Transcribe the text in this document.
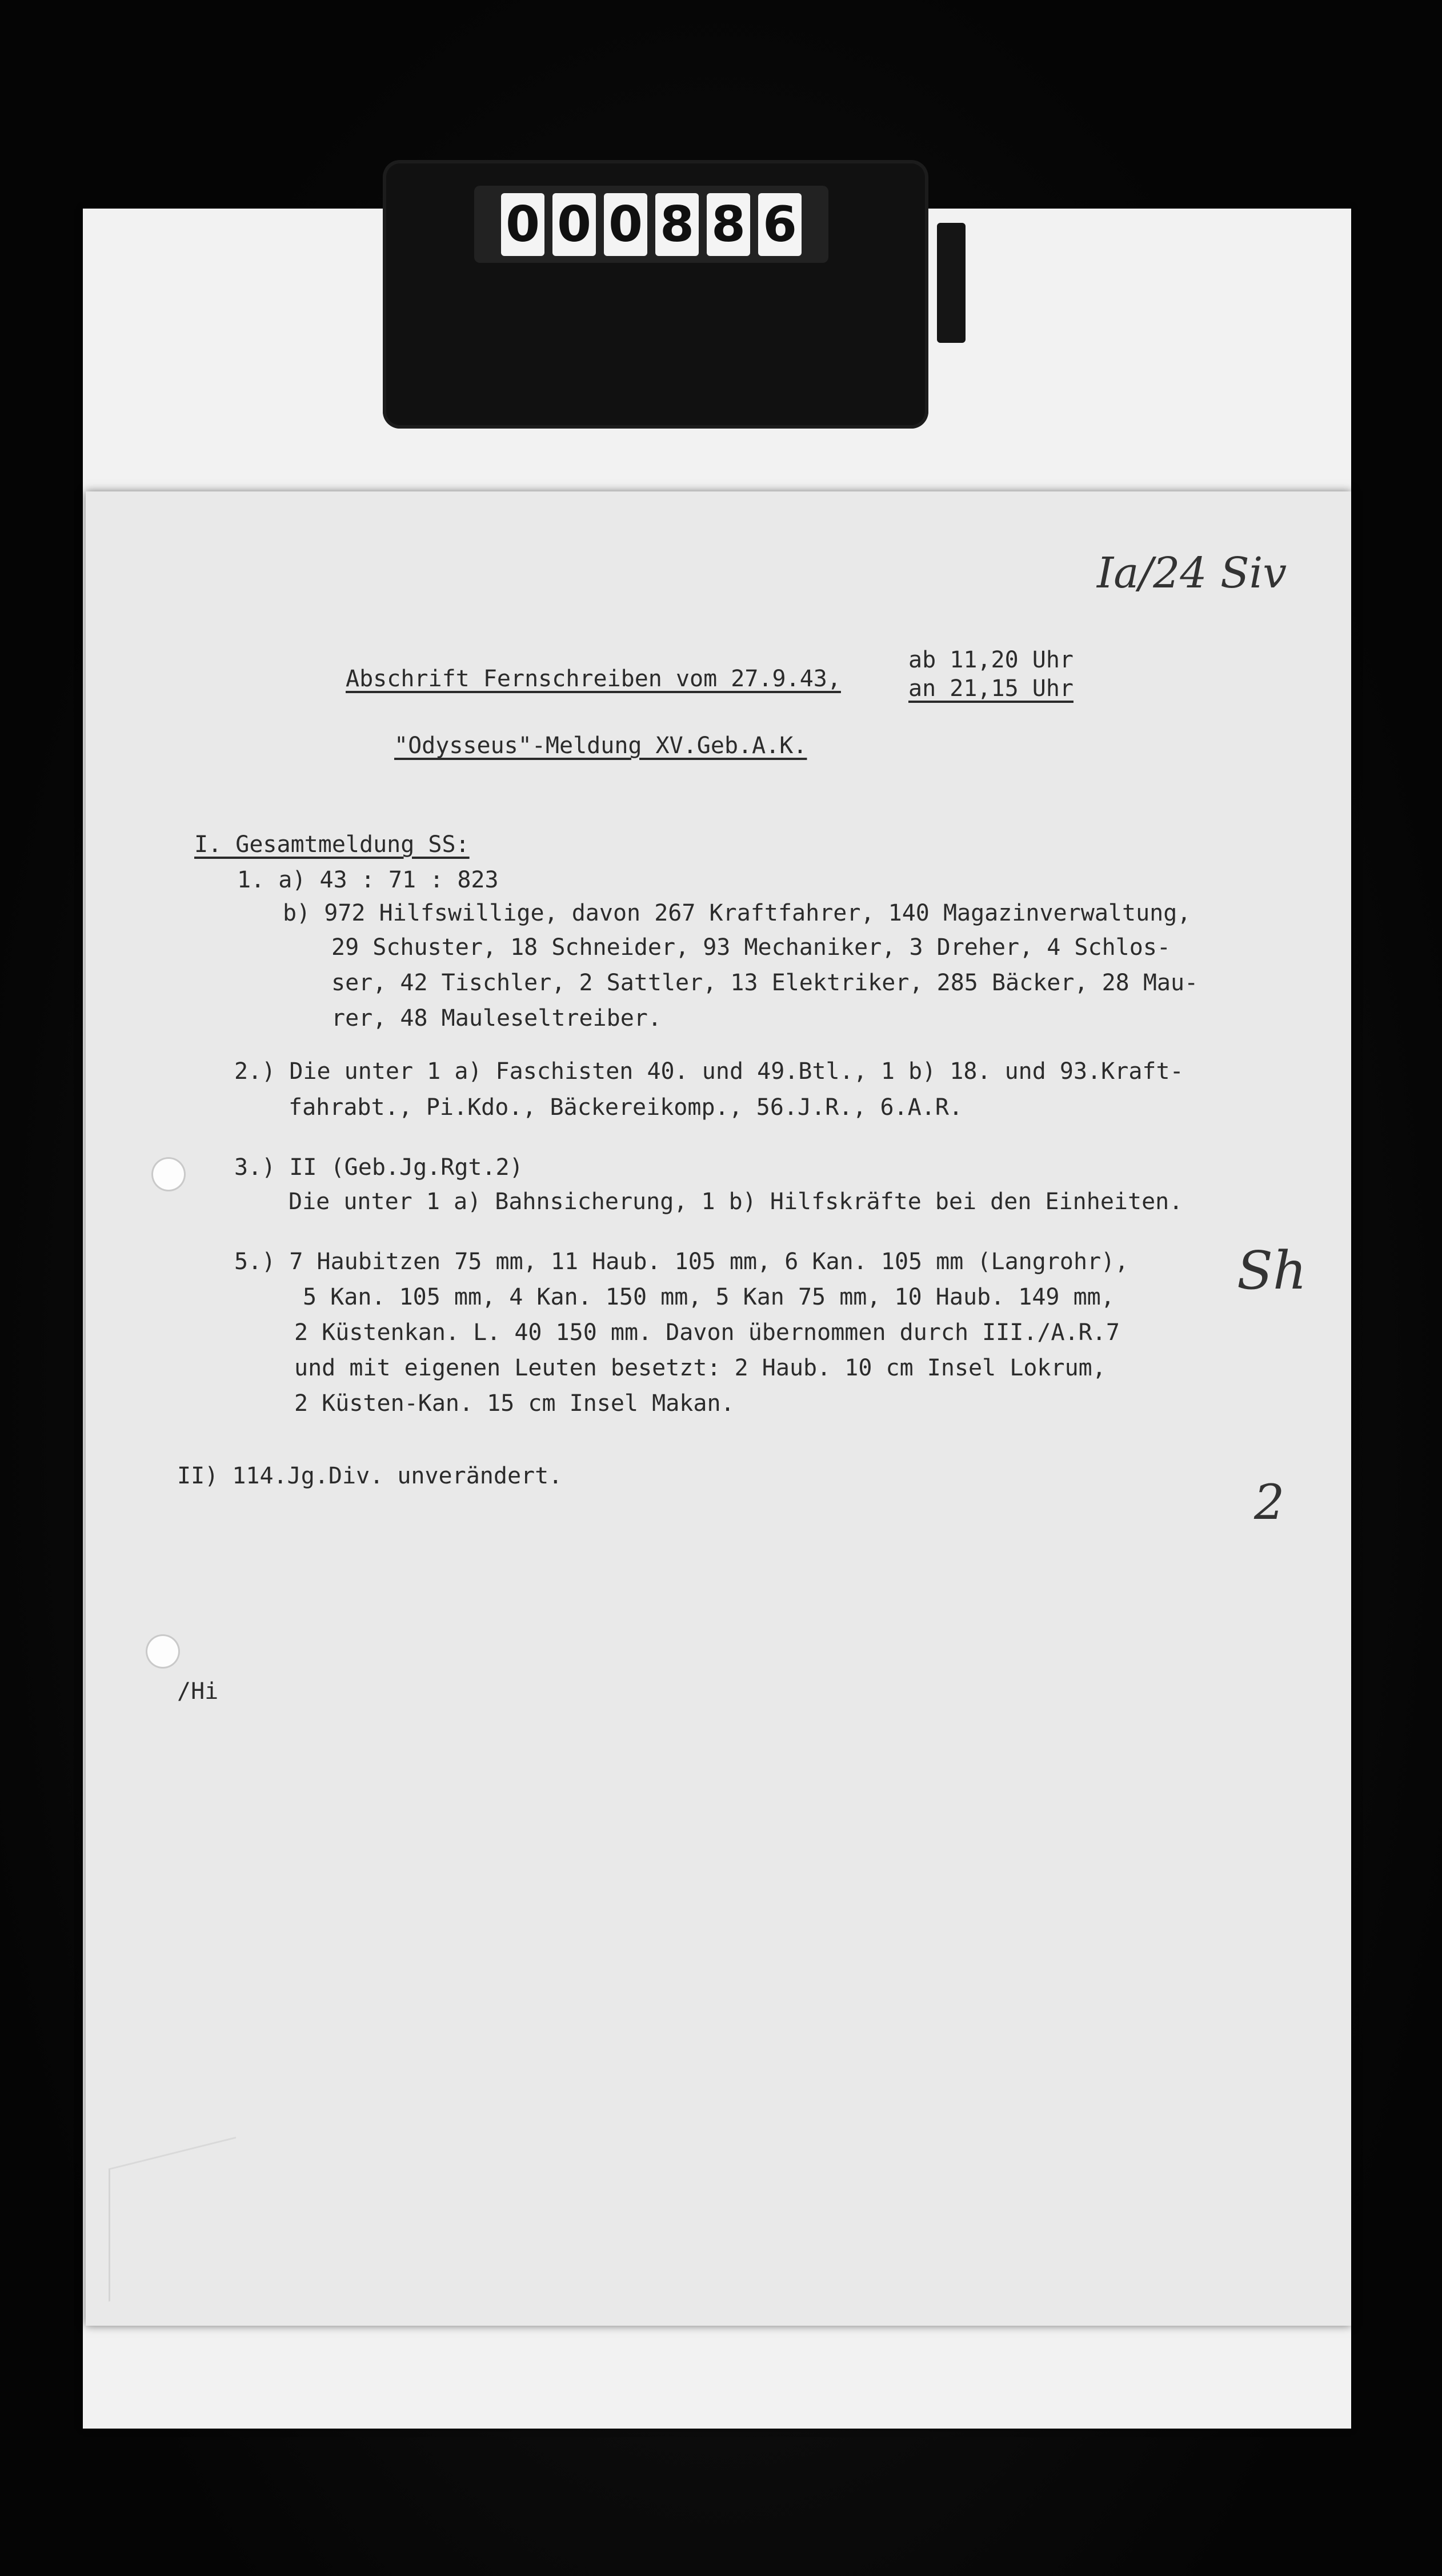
0 0 0 8 8 6
Ia/24 Siv
Abschrift Fernschreiben vom 27.9.43,
ab 11,20 Uhr
an 21,15 Uhr
"Odysseus"-Meldung XV.Geb.A.K.
I. Gesamtmeldung SS:
1. a) 43 : 71 : 823
b) 972 Hilfswillige, davon 267 Kraftfahrer, 140 Magazinverwaltung,
29 Schuster, 18 Schneider, 93 Mechaniker, 3 Dreher, 4 Schlos-
ser, 42 Tischler, 2 Sattler, 13 Elektriker, 285 Bäcker, 28 Mau-
rer, 48 Mauleseltreiber.
2.) Die unter 1 a) Faschisten 40. und 49.Btl., 1 b) 18. und 93.Kraft-
fahrabt., Pi.Kdo., Bäckereikomp., 56.J.R., 6.A.R.
3.) II (Geb.Jg.Rgt.2)
Die unter 1 a) Bahnsicherung, 1 b) Hilfskräfte bei den Einheiten.
5.) 7 Haubitzen 75 mm, 11 Haub. 105 mm, 6 Kan. 105 mm (Langrohr),
5 Kan. 105 mm, 4 Kan. 150 mm, 5 Kan 75 mm, 10 Haub. 149 mm,
2 Küstenkan. L. 40 150 mm. Davon übernommen durch III./A.R.7
und mit eigenen Leuten besetzt: 2 Haub. 10 cm Insel Lokrum,
2 Küsten-Kan. 15 cm Insel Makan.
Sh
II) 114.Jg.Div. unverändert.	2
/Hi
